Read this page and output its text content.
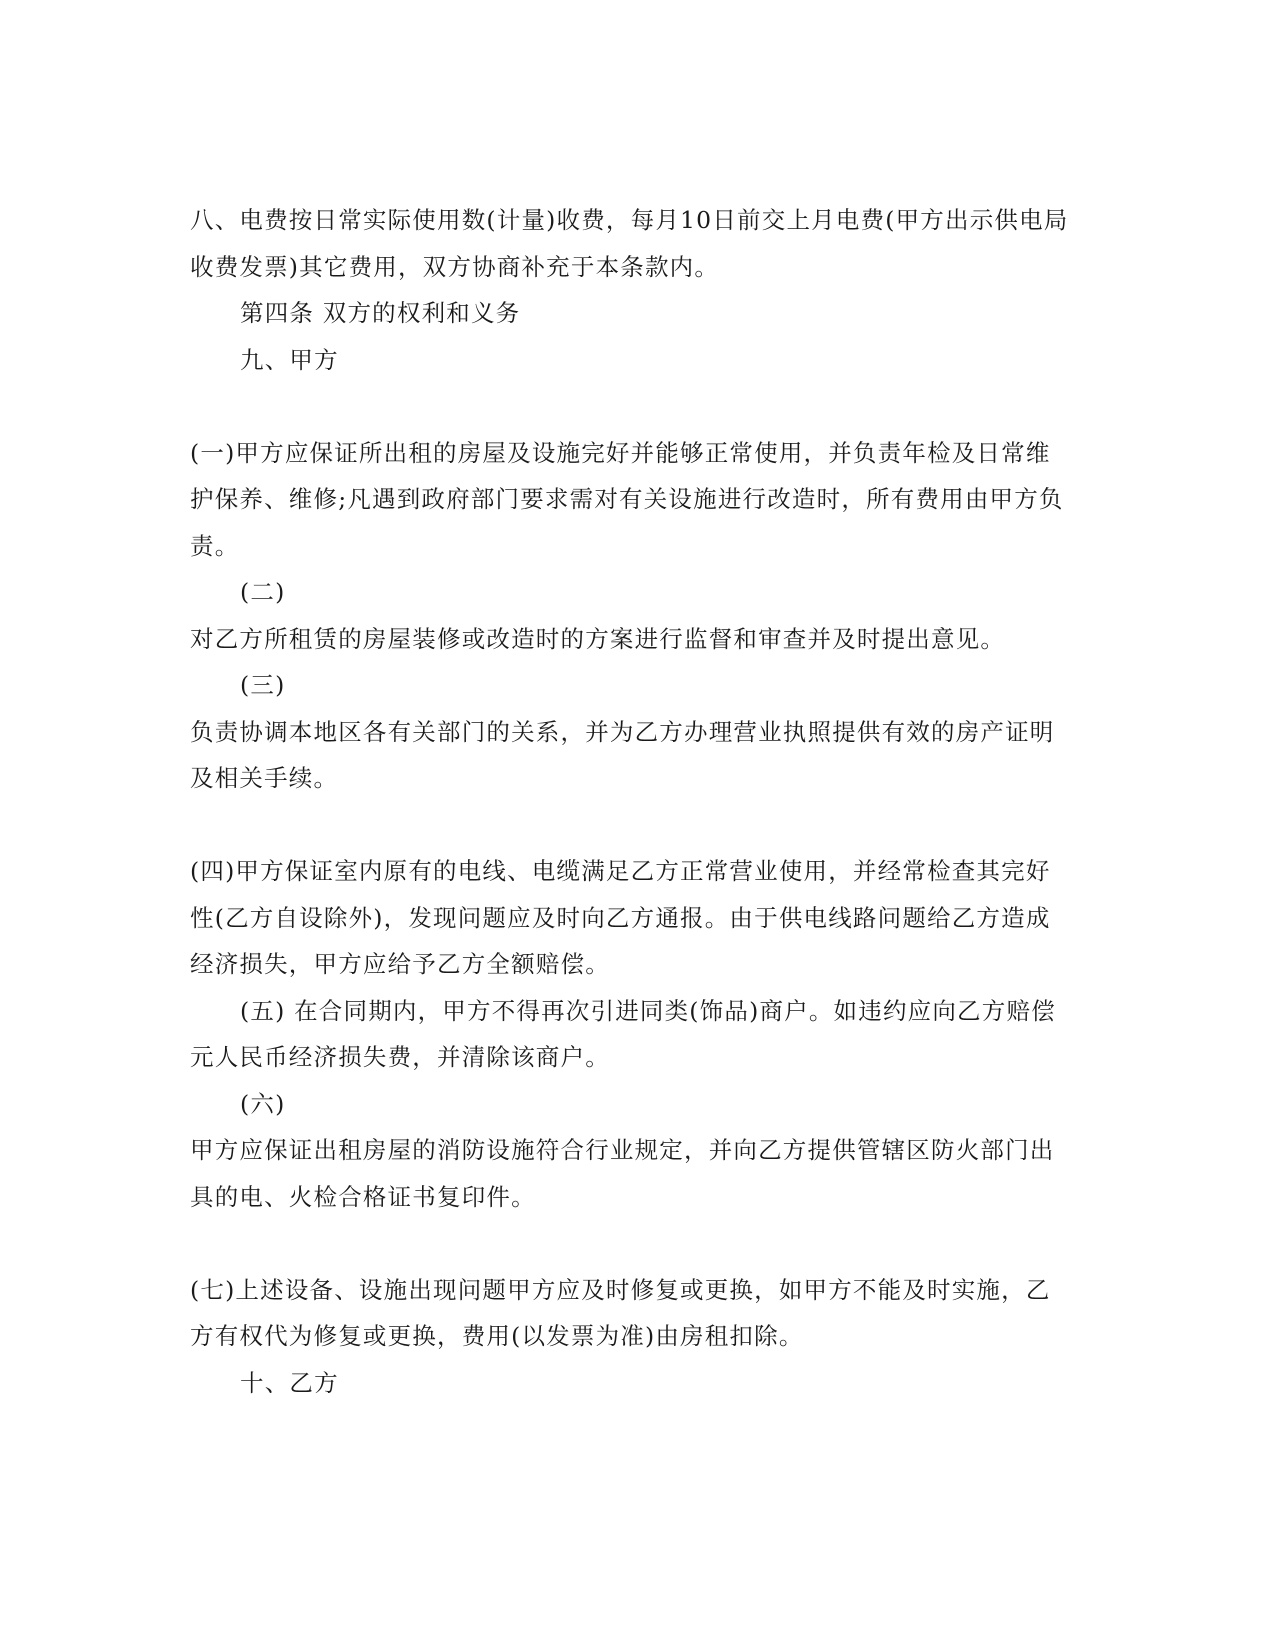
八、电费按日常实际使用数(计量)收费，每月10日前交上月电费(甲方出示供电局
收费发票)其它费用，双方协商补充于本条款内。
第四条 双方的权利和义务
九、甲方
(一)甲方应保证所出租的房屋及设施完好并能够正常使用，并负责年检及日常维
护保养、维修;凡遇到政府部门要求需对有关设施进行改造时，所有费用由甲方负
责。
(二)
对乙方所租赁的房屋装修或改造时的方案进行监督和审查并及时提出意见。
(三)
负责协调本地区各有关部门的关系，并为乙方办理营业执照提供有效的房产证明
及相关手续。
(四)甲方保证室内原有的电线、电缆满足乙方正常营业使用，并经常检查其完好
性(乙方自设除外)，发现问题应及时向乙方通报。由于供电线路问题给乙方造成
经济损失，甲方应给予乙方全额赔偿。
(五) 在合同期内，甲方不得再次引进同类(饰品)商户。如违约应向乙方赔偿
元人民币经济损失费，并清除该商户。
(六)
甲方应保证出租房屋的消防设施符合行业规定，并向乙方提供管辖区防火部门出
具的电、火检合格证书复印件。
(七)上述设备、设施出现问题甲方应及时修复或更换，如甲方不能及时实施，乙
方有权代为修复或更换，费用(以发票为准)由房租扣除。
十、乙方
